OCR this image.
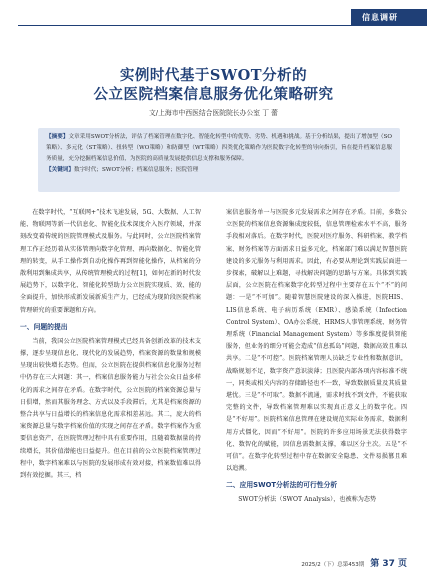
信息调研
实例时代基于SWOT分析的
公立医院档案信息服务优化策略研究
文/上海市中西医结合医院院长办公室 丁 蕾

【摘要】文章采用SWOT分析法，评估了档案管理在数字化、智能化转型中的优势、劣势、机遇和挑战。基于分析结果，提出了增加型（SO策略）、多元化（ST策略）、扭转型（WO策略）和防御型（WT策略）四类优化策略作为医院数字化转型的导向指引，旨在提升档案信息服务质量，充分挖掘档案信息价值，为医院的高质量发展提供信息支撑和服务保障。

【关键词】数字时代；SWOT分析；档案信息服务；医院管理

在数字时代，“互联网+”技术飞速发展，5G、大数据、人工智能、物联网等新一代信息化、智能化技术深度介入医疗领域，并深刻改变着传统的医院管理模式及服务。与此同时，公立医院档案管理工作正经历着从实体管理向数字化管理、再向数据化、智能化管理的转变，从手工操作到自动化操作再到智能化操作，从档案的分散利用到集成共享，从传统管理模式的过程[1]，如何在新的时代发展趋势下，以数字化、智能化转型助力公立医院实现质、效、能的全面提升，加快形成新发展新质生产力，已经成为现阶段医院档案管理研究的重要课题和方向。

一、问题的提出

当前，我国公立医院档案管理模式已经具备创新改革的技术支撑，逐步呈现信息化、现代化的发展趋势，档案资源的数量和规模呈现出较快增长态势。但而，公立医院在提供档案信息化服务过程中仍存在三大问题：其一，档案信息服务能力与社会公众日益多样化的需求之间存在矛盾。在数字时代，公立医院的档案资源总量与日俱增，然而其服务理念、方式以及手段滞后，尤其是档案资源的整合共享与日益增长的档案信息化需求相差甚远。其二，庞大的档案资源总量与数字档案价值的实现之间存在矛盾。数字档案作为重要信息资产，在医院管理过程中具有重要作用，且随着数据量的持续增长，其价值潜能也日益提升。但在目前的公立医院档案管理过程中，数字档案难以与医院的发展形成有效对接，档案数值难以得到有效挖掘。其三，档

案信息服务单一与医院多元发展需求之间存在矛盾。目前，多数公立医院的档案信息资源集成度较低，信息管理检索水平不高，服务手段相对落后。在数字时代，医院对医疗服务、科研档案、教学档案、财务档案等方面需求日益多元化，档案部门难以满足智慧医院建设的多元服务与利用需求。因此，有必要从理论到实践层面进一步探索，破解以上难题，寻找解决问题的思路与方案。具体到实践层面，公立医院在档案数字化转型过程中主要存在五个“不”的问题：一是“不可加”。随着智慧医院建设的深入推进，医院HIS、LIS信息系统、电子病历系统（EMR）、感染系统（Infection Control System）、OA办公系统、HRMS人事管理系统、财务管理系统（Financial Management System）等多维度提供智能服务，但业务的细分可能会造成“信息孤岛”问题，数据高效且难以共享。二是“不可控”。医院档案管理人员缺乏专业性和数据意识，战略规划不足，数字资产意识淡薄；且医院内部各项内容标准不统一，同类或相关内容的存储路径也不一致，导致数据质量及其质量堪忧。三是“不可取”。数据不流通，需求时找不到文件，不能获取完整的文件，导致档案管理难以实现真正意义上的数字化。四是“不好用”。医院档案信息管理在建设规范实际业务需求，数据利用方式僵化，因而“不好用”。医院的许多应用场景无法获得数字化、数智化的赋能，因信息需数据支撑，难以区分主次。五是“不可信”。在数字化转型过程中存在数据安全隐患、文件易损篡且难以追溯。

二、应用SWOT分析法的可行性分析

SWOT分析法（SWOT Analysis），也被称为态势

2025/2（下）总第453期 第 37 页
